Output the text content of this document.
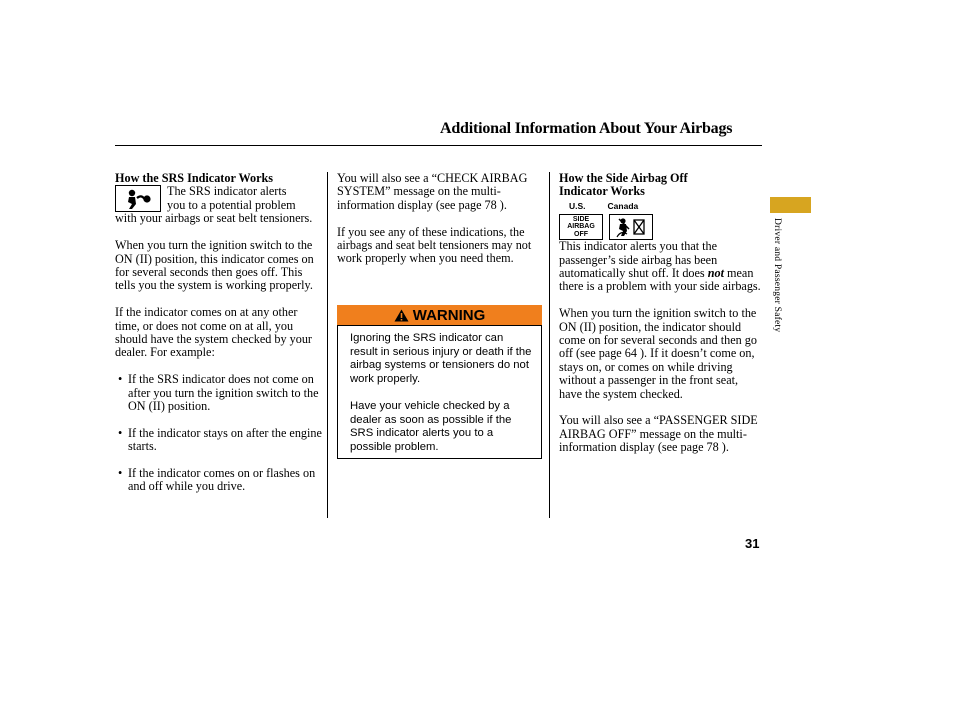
Additional Information About Your Airbags
How the SRS Indicator Works
The SRS indicator alerts
you to a potential problem

with your airbags or seat belt tensioners.

When you turn the ignition switch to the ON (II) position, this indicator comes on for several seconds then goes off. This tells you the system is working properly.

If the indicator comes on at any other time, or does not come on at all, you should have the system checked by your dealer. For example:

• If the SRS indicator does not come on after you turn the ignition switch to the ON (II) position.
• If the indicator stays on after the engine starts.
• If the indicator comes on or flashes on and off while you drive.

You will also see a “CHECK AIRBAG SYSTEM” message on the multi-information display (see page 78 ).

If you see any of these indications, the airbags and seat belt tensioners may not work properly when you need them.

WARNING

Ignoring the SRS indicator can result in serious injury or death if the airbag systems or tensioners do not work properly.

Have your vehicle checked by a dealer as soon as possible if the SRS indicator alerts you to a possible problem.

How the Side Airbag Off
Indicator Works
U.S.	Canada
SIDE
AIRBAG
OFF

This indicator alerts you that the passenger’s side airbag has been automatically shut off. It does not mean there is a problem with your side airbags.

When you turn the ignition switch to the ON (II) position, the indicator should come on for several seconds and then go off (see page 64 ). If it doesn’t come on, stays on, or comes on while driving without a passenger in the front seat, have the system checked.

You will also see a “PASSENGER SIDE AIRBAG OFF” message on the multi-information display (see page 78 ).

Driver and Passenger Safety
31
